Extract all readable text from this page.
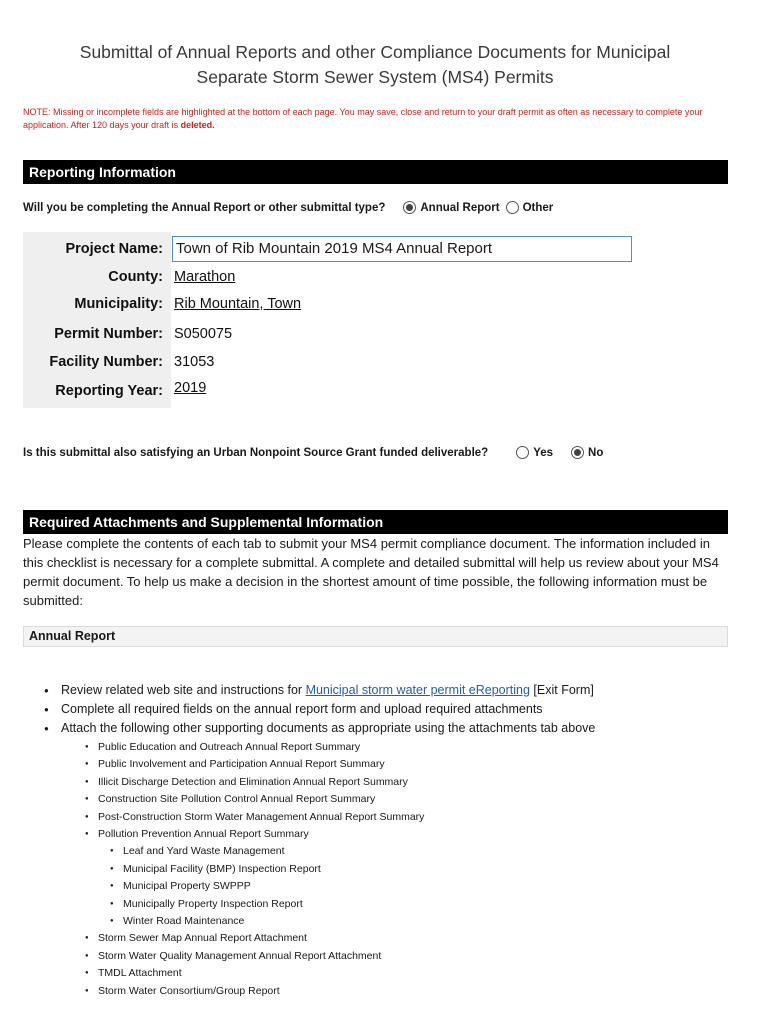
Submittal of Annual Reports and other Compliance Documents for Municipal
Separate Storm Sewer System (MS4) Permits
NOTE: Missing or incomplete fields are highlighted at the bottom of each page. You may save, close and return to your draft permit as often as necessary to complete your application. After 120 days your draft is deleted.
Reporting Information
Will you be completing the Annual Report or other submittal type?	Annual Report Other
Project Name: Town of Rib Mountain 2019 MS4 Annual Report
County: Marathon
Municipality: Rib Mountain, Town
Permit Number: S050075
Facility Number: 31053
Reporting Year: 2019
Is this submittal also satisfying an Urban Nonpoint Source Grant funded deliverable?	Yes	No
Required Attachments and Supplemental Information
Please complete the contents of each tab to submit your MS4 permit compliance document. The information included in this checklist is necessary for a complete submittal. A complete and detailed submittal will help us review about your MS4 permit document. To help us make a decision in the shortest amount of time possible, the following information must be submitted:
Annual Report
● Review related web site and instructions for Municipal storm water permit eReporting [Exit Form]
● Complete all required fields on the annual report form and upload required attachments
● Attach the following other supporting documents as appropriate using the attachments tab above
● Public Education and Outreach Annual Report Summary
● Public Involvement and Participation Annual Report Summary
● Illicit Discharge Detection and Elimination Annual Report Summary
● Construction Site Pollution Control Annual Report Summary
● Post-Construction Storm Water Management Annual Report Summary
● Pollution Prevention Annual Report Summary
● Leaf and Yard Waste Management
● Municipal Facility (BMP) Inspection Report
● Municipal Property SWPPP
● Municipally Property Inspection Report
● Winter Road Maintenance
● Storm Sewer Map Annual Report Attachment
● Storm Water Quality Management Annual Report Attachment
● TMDL Attachment
● Storm Water Consortium/Group Report
